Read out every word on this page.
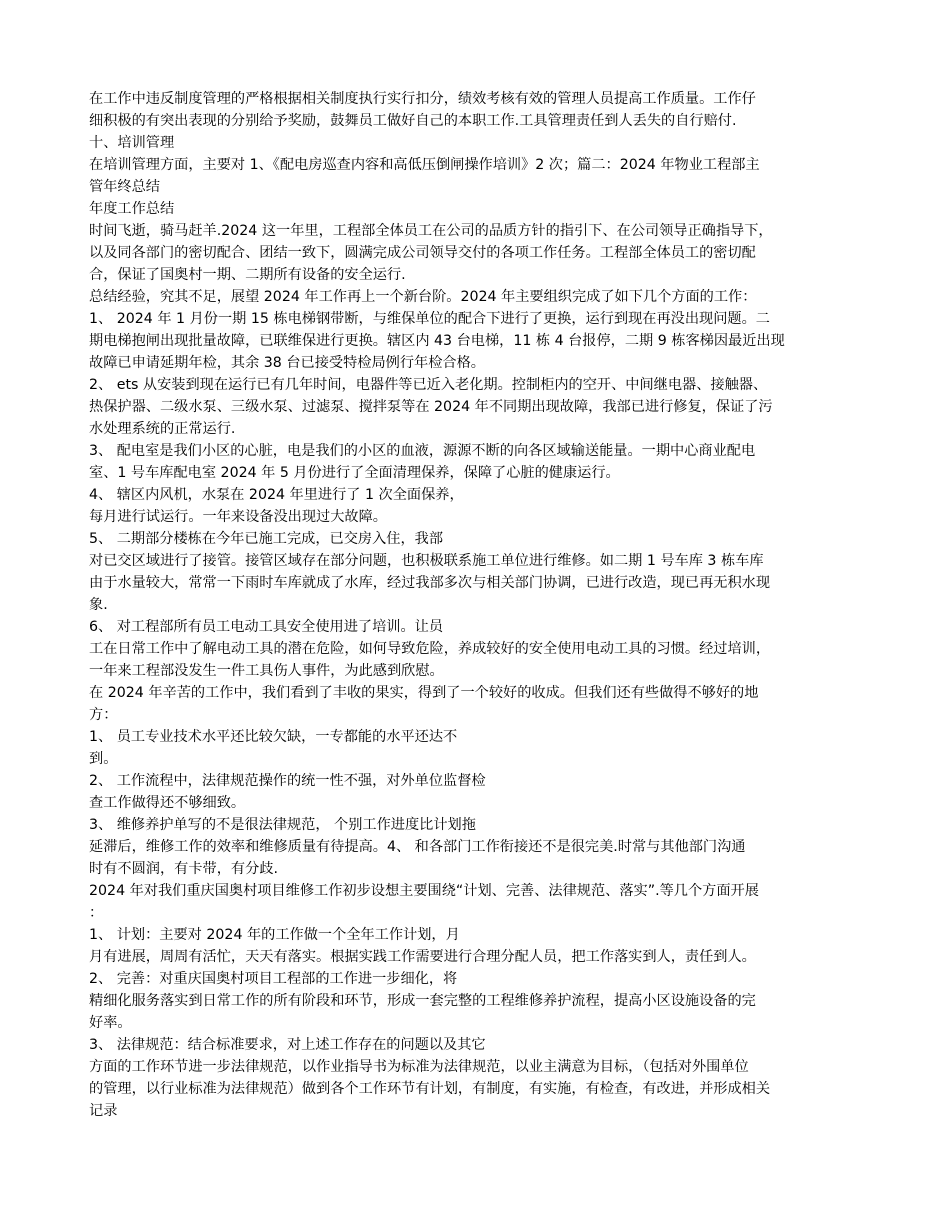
在工作中违反制度管理的严格根据相关制度执行实行扣分，绩效考核有效的管理人员提高工作质量。工作仔
细积极的有突出表现的分别给予奖励，鼓舞员工做好自己的本职工作.工具管理责任到人丢失的自行赔付.
十、培训管理
在培训管理方面，主要对 1、《配电房巡查内容和高低压倒闸操作培训》2 次；篇二：2024 年物业工程部主
管年终总结
年度工作总结
时间飞逝，骑马赶羊.2024 这一年里，工程部全体员工在公司的品质方针的指引下、在公司领导正确指导下，
以及同各部门的密切配合、团结一致下，圆满完成公司领导交付的各项工作任务。工程部全体员工的密切配
合，保证了国奥村一期、二期所有设备的安全运行.
总结经验，究其不足，展望 2024 年工作再上一个新台阶。2024 年主要组织完成了如下几个方面的工作：
1、 2024 年 1 月份一期 15 栋电梯钢带断，与维保单位的配合下进行了更换，运行到现在再没出现问题。二
期电梯抱闸出现批量故障，已联维保进行更换。辖区内 43 台电梯，11 栋 4 台报停，二期 9 栋客梯因最近出现
故障已申请延期年检，其余 38 台已接受特检局例行年检合格。
2、 ets 从安装到现在运行已有几年时间，电器件等已近入老化期。控制柜内的空开、中间继电器、接触器、
热保护器、二级水泵、三级水泵、过滤泵、搅拌泵等在 2024 年不同期出现故障，我部已进行修复，保证了污
水处理系统的正常运行.
3、 配电室是我们小区的心脏，电是我们的小区的血液，源源不断的向各区域输送能量。一期中心商业配电
室、1 号车库配电室 2024 年 5 月份进行了全面清理保养，保障了心脏的健康运行。
4、 辖区内风机，水泵在 2024 年里进行了 1 次全面保养，
每月进行试运行。一年来设备没出现过大故障。
5、 二期部分楼栋在今年已施工完成，已交房入住，我部
对已交区域进行了接管。接管区域存在部分问题，也积极联系施工单位进行维修。如二期 1 号车库 3 栋车库
由于水量较大，常常一下雨时车库就成了水库，经过我部多次与相关部门协调，已进行改造，现已再无积水现
象.
6、 对工程部所有员工电动工具安全使用进了培训。让员
工在日常工作中了解电动工具的潜在危险，如何导致危险，养成较好的安全使用电动工具的习惯。经过培训，
一年来工程部没发生一件工具伤人事件，为此感到欣慰。
在 2024 年辛苦的工作中，我们看到了丰收的果实，得到了一个较好的收成。但我们还有些做得不够好的地
方：
1、 员工专业技术水平还比较欠缺，一专都能的水平还达不
到。
2、 工作流程中，法律规范操作的统一性不强，对外单位监督检
查工作做得还不够细致。
3、 维修养护单写的不是很法律规范， 个别工作进度比计划拖
延滞后，维修工作的效率和维修质量有待提高。4、 和各部门工作衔接还不是很完美.时常与其他部门沟通
时有不圆润，有卡带，有分歧.
2024 年对我们重庆国奥村项目维修工作初步设想主要围绕“计划、完善、法律规范、落实”.等几个方面开展
：
1、 计划：主要对 2024 年的工作做一个全年工作计划，月
月有进展，周周有活忙，天天有落实。根据实践工作需要进行合理分配人员，把工作落实到人，责任到人。
2、 完善：对重庆国奥村项目工程部的工作进一步细化，将
精细化服务落实到日常工作的所有阶段和环节，形成一套完整的工程维修养护流程，提高小区设施设备的完
好率。
3、 法律规范：结合标准要求，对上述工作存在的问题以及其它
方面的工作环节进一步法律规范，以作业指导书为标准为法律规范，以业主满意为目标，（包括对外围单位
的管理，以行业标准为法律规范）做到各个工作环节有计划，有制度，有实施，有检查，有改进，并形成相关
记录
